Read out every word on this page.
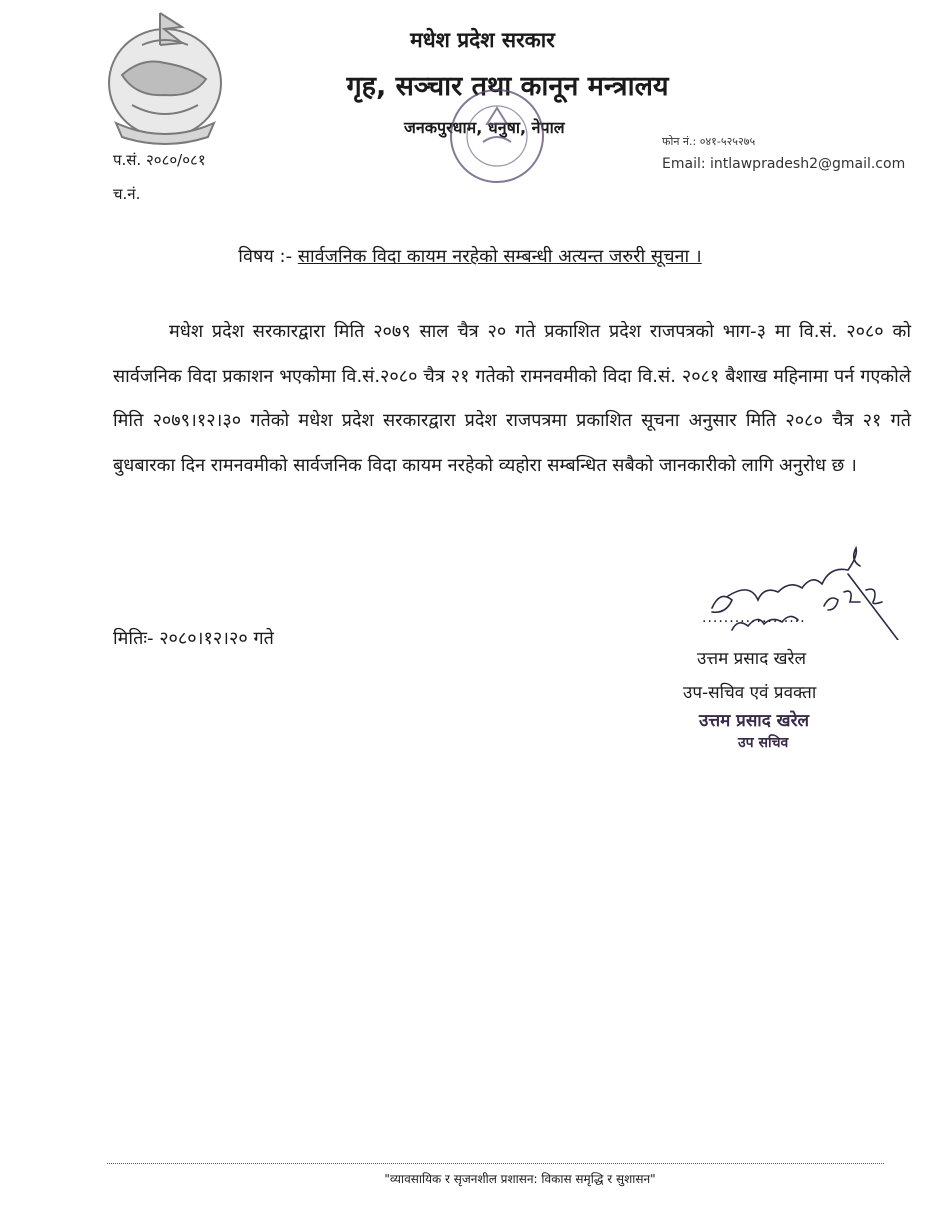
मधेश प्रदेश सरकार
गृह, सञ्चार तथा कानून मन्त्रालय
जनकपुरधाम, धनुषा, नेपाल
फोन नं.: ०४१-५२५२७५
Email: intlawpradesh2@gmail.com
प.सं. २०८०/०८१
च.नं.
विषय :- सार्वजनिक विदा कायम नरहेको सम्बन्धी अत्यन्त जरुरी सूचना ।

मधेश प्रदेश सरकारद्वारा मिति २०७९ साल चैत्र २० गते प्रकाशित प्रदेश राजपत्रको भाग-३ मा वि.सं. २०८० को सार्वजनिक विदा प्रकाशन भएकोमा वि.सं.२०८० चैत्र २१ गतेको रामनवमीको विदा वि.सं. २०८१ बैशाख महिनामा पर्न गएकोले मिति २०७९।१२।३० गतेको मधेश प्रदेश सरकारद्वारा प्रदेश राजपत्रमा प्रकाशित सूचना अनुसार मिति २०८० चैत्र २१ गते बुधबारका दिन रामनवमीको सार्वजनिक विदा कायम नरहेको व्यहोरा सम्बन्धित सबैको जानकारीको लागि अनुरोध छ ।

मितिः- २०८०।१२।२० गते
...................
उत्तम प्रसाद खरेल
उप-सचिव एवं प्रवक्ता
उत्तम प्रसाद खरेल
उप सचिव
"व्यावसायिक र सृजनशील प्रशासन: विकास समृद्धि र सुशासन"
